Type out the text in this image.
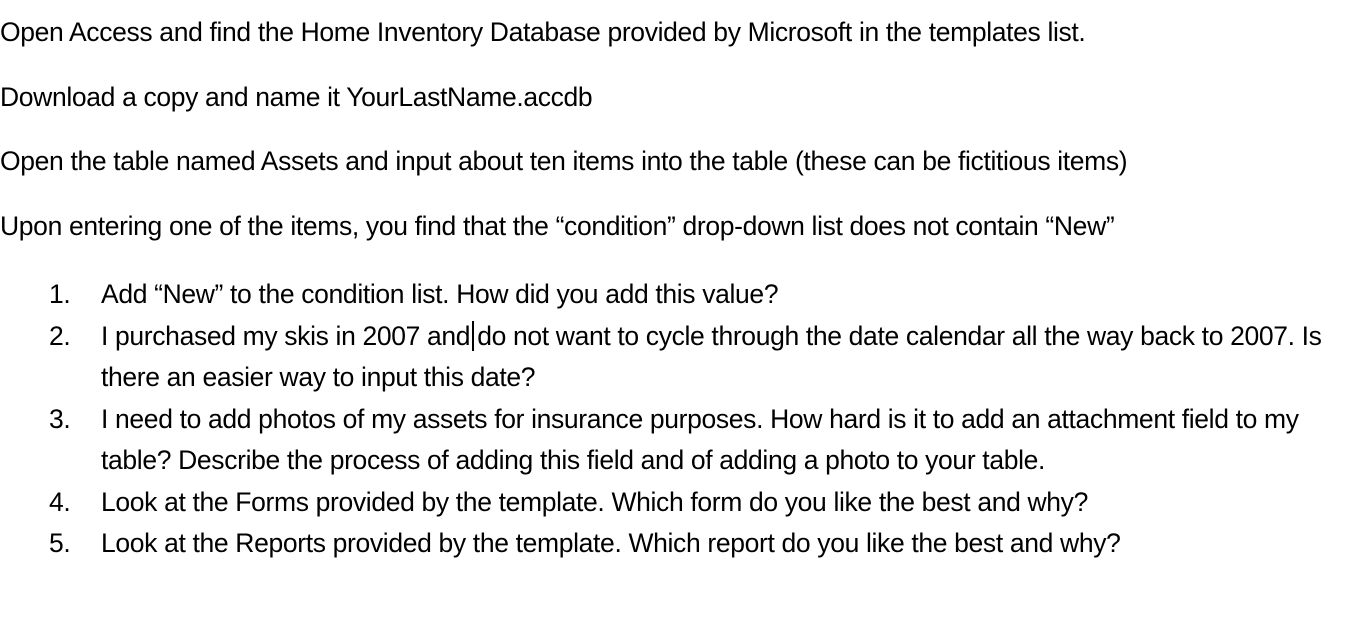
Open Access and find the Home Inventory Database provided by Microsoft in the templates list.

Download a copy and name it YourLastName.accdb

Open the table named Assets and input about ten items into the table (these can be fictitious items)

Upon entering one of the items, you find that the “condition” drop-down list does not contain “New”

1.	Add “New” to the condition list. How did you add this value?
2.	I purchased my skis in 2007 and do not want to cycle through the date calendar all the way back to 2007. Is there an easier way to input this date?
3.	I need to add photos of my assets for insurance purposes. How hard is it to add an attachment field to my table? Describe the process of adding this field and of adding a photo to your table.
4.	Look at the Forms provided by the template. Which form do you like the best and why?
5.	Look at the Reports provided by the template. Which report do you like the best and why?
